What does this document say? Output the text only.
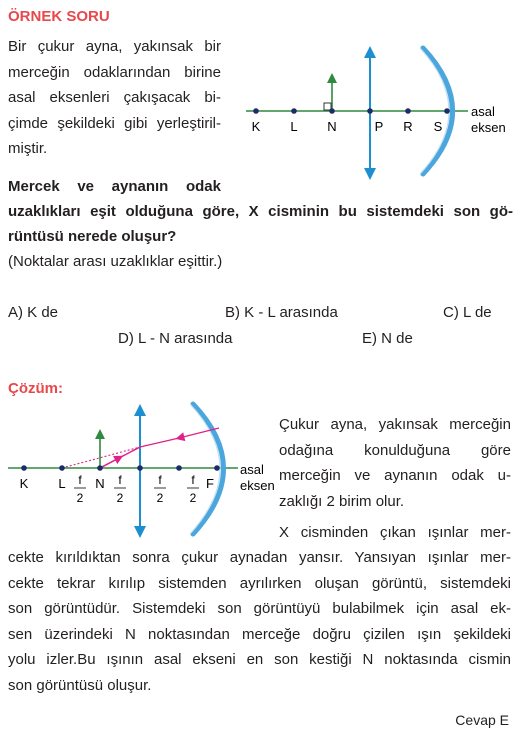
ÖRNEK SORU
Bir çukur ayna, yakınsak bir
merceğin odaklarından birine
asal eksenleri çakışacak bi-
çimde şekildeki gibi yerleştiril-
miştir.
K L N	P R S
asal
eksen
Mercek ve aynanın odak
uzaklıkları eşit olduğuna göre, X cisminin bu sistemdeki son gö-
rüntüsü nerede oluşur?
(Noktalar arası uzaklıklar eşittir.)
A) K de	B) K - L arasında	C) L de
D) L - N arasında	E) N de
Çözüm:
K L N	F
f
2
f
2
f
2
f
2
asal
eksen
Çukur ayna, yakınsak merceğin
odağına konulduğuna göre
merceğin ve aynanın odak u-
zaklığı 2 birim olur.
X cisminden çıkan ışınlar mer-
cekte kırıldıktan sonra çukur aynadan yansır. Yansıyan ışınlar mer-
cekte tekrar kırılıp sistemden ayrılırken oluşan görüntü, sistemdeki
son görüntüdür. Sistemdeki son görüntüyü bulabilmek için asal ek-
sen üzerindeki N noktasından merceğe doğru çizilen ışın şekildeki
yolu izler.Bu ışının asal ekseni en son kestiği N noktasında cismin
son görüntüsü oluşur.
Cevap E
